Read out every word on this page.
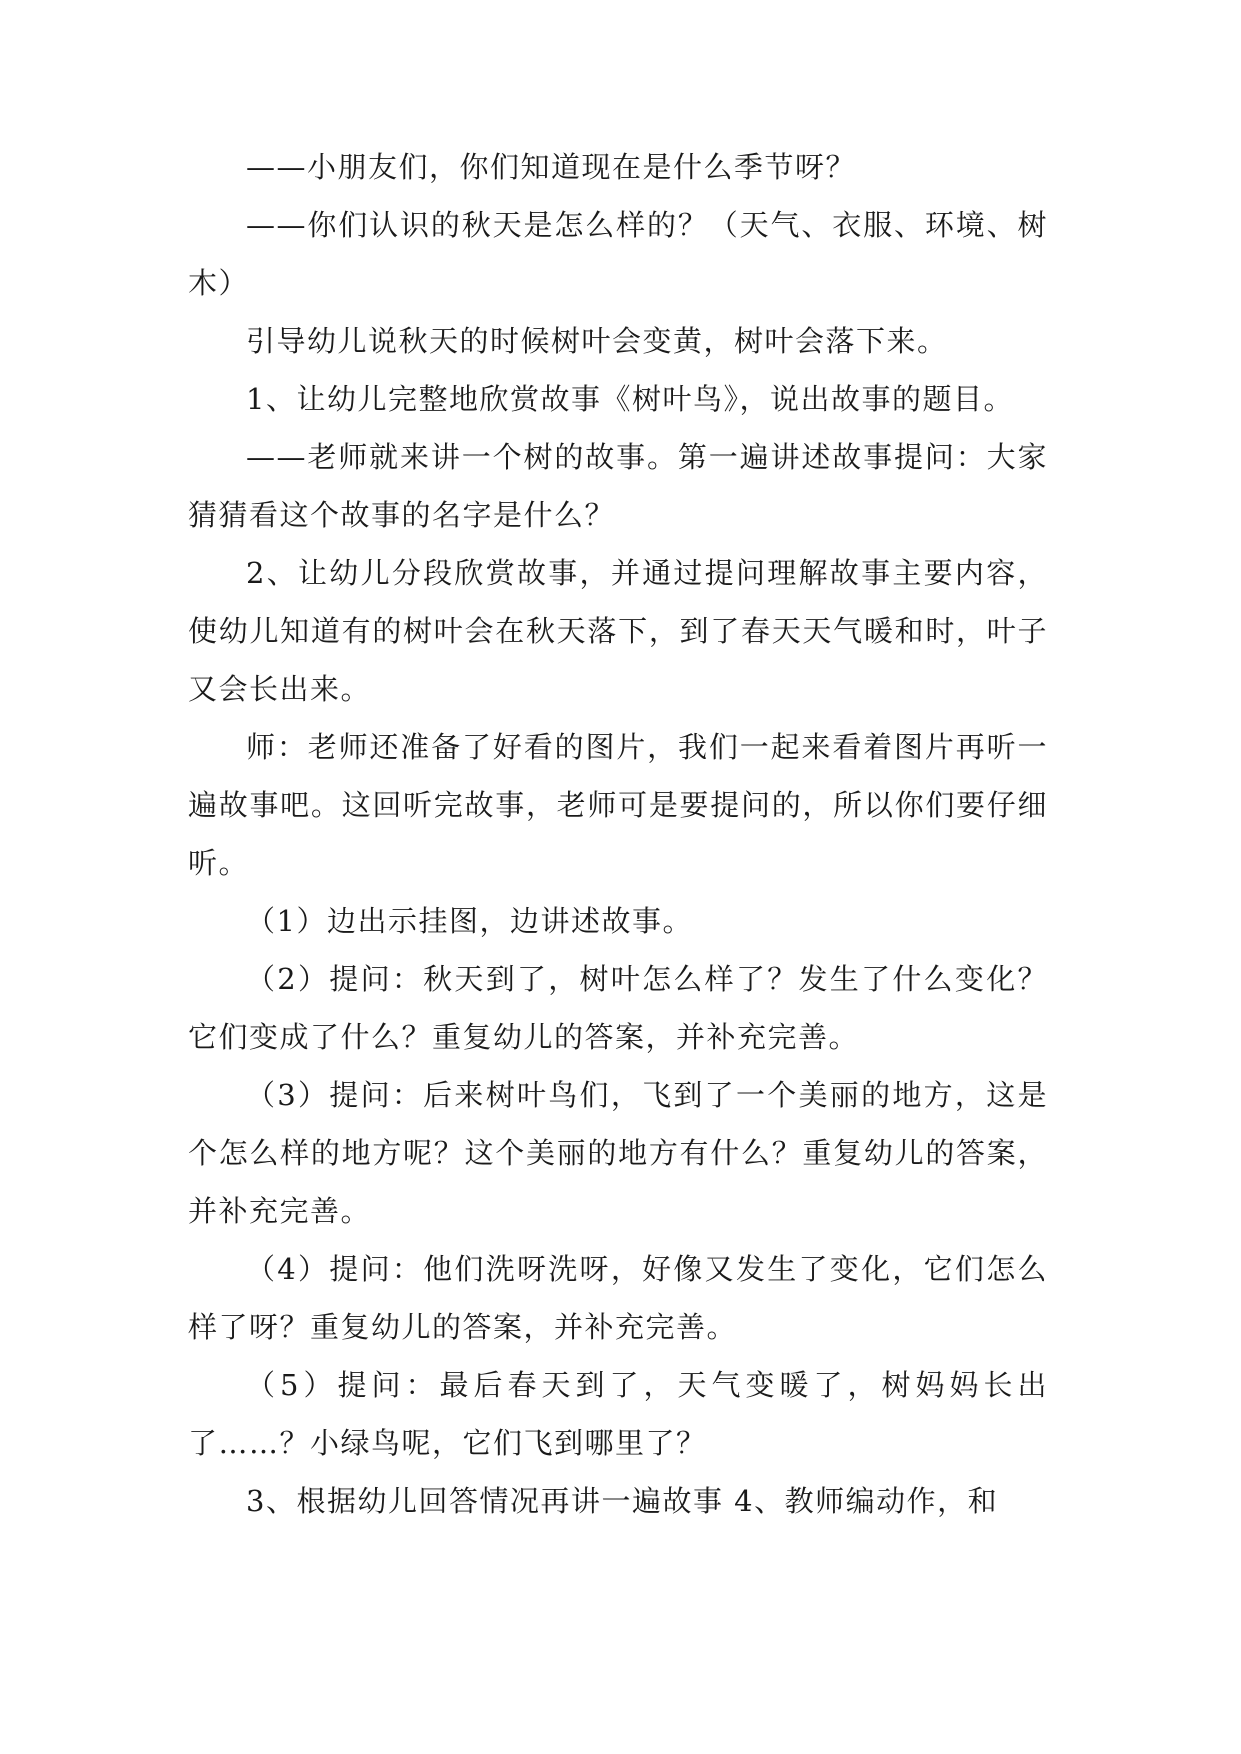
——小朋友们，你们知道现在是什么季节呀？

——你们认识的秋天是怎么样的？（天气、衣服、环境、树木）

引导幼儿说秋天的时候树叶会变黄，树叶会落下来。

1、让幼儿完整地欣赏故事《树叶鸟》，说出故事的题目。

——老师就来讲一个树的故事。第一遍讲述故事提问：大家猜猜看这个故事的名字是什么？

2、让幼儿分段欣赏故事，并通过提问理解故事主要内容，使幼儿知道有的树叶会在秋天落下，到了春天天气暖和时，叶子又会长出来。

师：老师还准备了好看的图片，我们一起来看着图片再听一遍故事吧。这回听完故事，老师可是要提问的，所以你们要仔细听。

（1）边出示挂图，边讲述故事。

（2）提问：秋天到了，树叶怎么样了？发生了什么变化？它们变成了什么？重复幼儿的答案，并补充完善。

（3）提问：后来树叶鸟们，飞到了一个美丽的地方，这是个怎么样的地方呢？这个美丽的地方有什么？重复幼儿的答案，并补充完善。

（4）提问：他们洗呀洗呀，好像又发生了变化，它们怎么样了呀？重复幼儿的答案，并补充完善。

（5）提问：最后春天到了，天气变暖了，树妈妈长出了……？小绿鸟呢，它们飞到哪里了？

3、根据幼儿回答情况再讲一遍故事 4、教师编动作，和
